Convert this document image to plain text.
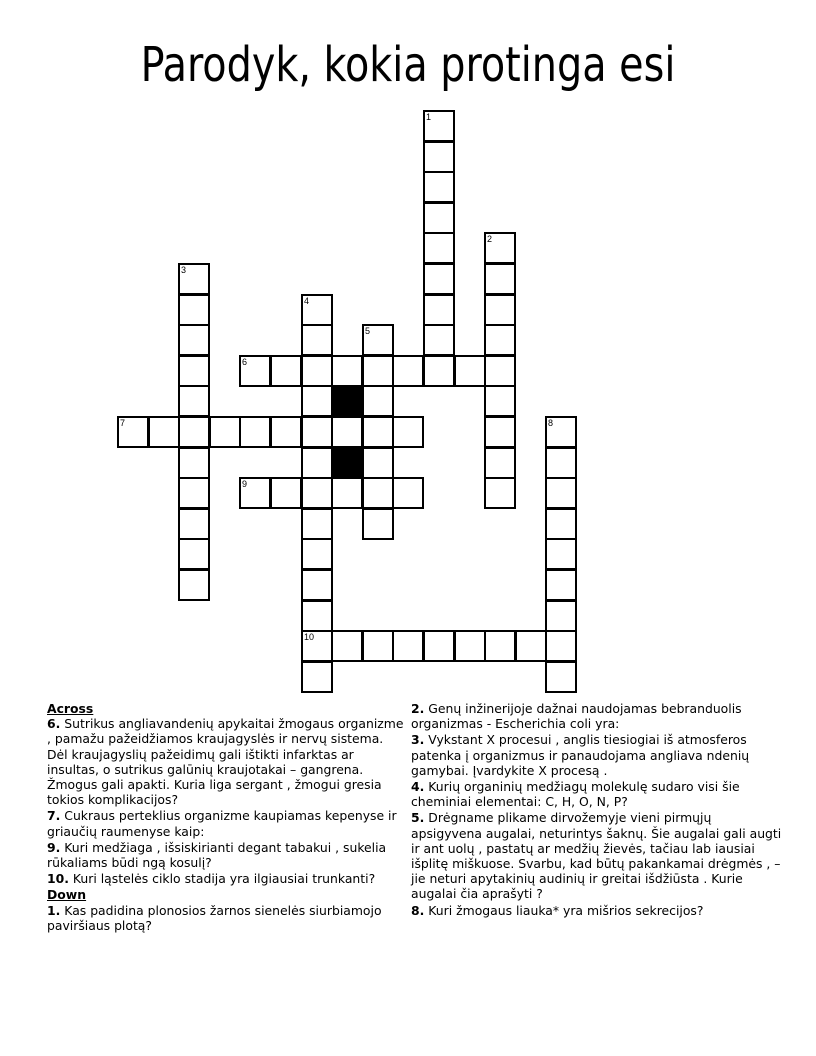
Parodyk, kokia protinga esi
1
2
3
4
10
5
6
7	8
9
Across
6. Sutrikus angliavandenių apykaitai žmogaus organizme , pamažu pažeidžiamos kraujagyslės ir nervų sistema. Dėl kraujagyslių pažeidimų gali ištikti infarktas ar insultas, o sutrikus galūnių kraujotakai – gangrena. Žmogus gali apakti. Kuria liga sergant , žmogui gresia tokios komplikacijos?
7. Cukraus perteklius organizme kaupiamas kepenyse ir griaučių raumenyse kaip:
9. Kuri medžiaga , išsiskirianti degant tabakui , sukelia rūkaliams būdi ngą kosulį?
10. Kuri ląstelės ciklo stadija yra ilgiausiai trunkanti?
Down
1. Kas padidina plonosios žarnos sienelės siurbiamojo paviršiaus plotą?
2. Genų inžinerijoje dažnai naudojamas bebranduolis organizmas - Escherichia coli yra:
3. Vykstant X procesui , anglis tiesiogiai iš atmosferos patenka į organizmus ir panaudojama angliava ndenių gamybai. Įvardykite X procesą .
4. Kurių organinių medžiagų molekulę sudaro visi šie cheminiai elementai: C, H, O, N, P?
5. Drėgname plikame dirvožemyje vieni pirmųjų apsigyvena augalai, neturintys šaknų. Šie augalai gali augti ir ant uolų , pastatų ar medžių žievės, tačiau lab iausiai išplitę miškuose. Svarbu, kad būtų pakankamai drėgmės , – jie neturi apytakinių audinių ir greitai išdžiūsta . Kurie augalai čia aprašyti ?
8. Kuri žmogaus liauka* yra mišrios sekrecijos?
